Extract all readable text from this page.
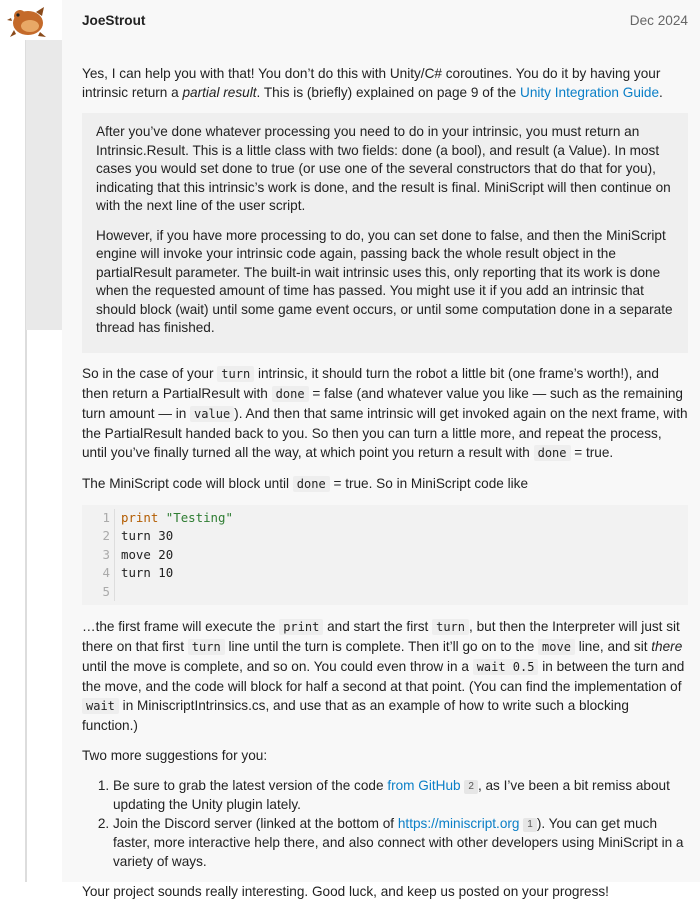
JoeStrout	Dec 2024

Yes, I can help you with that! You don’t do this with Unity/C# coroutines. You do it by having your intrinsic return a partial result. This is (briefly) explained on page 9 of the Unity Integration Guide.

After you’ve done whatever processing you need to do in your intrinsic, you must return an Intrinsic.Result. This is a little class with two fields: done (a bool), and result (a Value). In most cases you would set done to true (or use one of the several constructors that do that for you), indicating that this intrinsic’s work is done, and the result is final. MiniScript will then continue on with the next line of the user script.

However, if you have more processing to do, you can set done to false, and then the MiniScript engine will invoke your intrinsic code again, passing back the whole result object in the partialResult parameter. The built-in wait intrinsic uses this, only reporting that its work is done when the requested amount of time has passed. You might use it if you add an intrinsic that should block (wait) until some game event occurs, or until some computation done in a separate thread has finished.

So in the case of your turn intrinsic, it should turn the robot a little bit (one frame’s worth!), and then return a PartialResult with done = false (and whatever value you like — such as the remaining turn amount — in value ). And then that same intrinsic will get invoked again on the next frame, with the PartialResult handed back to you. So then you can turn a little more, and repeat the process, until you’ve finally turned all the way, at which point you return a result with done = true.

The MiniScript code will block until done = true. So in MiniScript code like

1 print "Testing"
2 turn 30
3 move 20
4 turn 10
5

…the first frame will execute the print and start the first turn , but then the Interpreter will just sit there on that first turn line until the turn is complete. Then it’ll go on to the move line, and sit there until the move is complete, and so on. You could even throw in a wait 0.5 in between the turn and the move, and the code will block for half a second at that point. (You can find the implementation of wait in MiniscriptIntrinsics.cs, and use that as an example of how to write such a blocking function.)

Two more suggestions for you:

1. Be sure to grab the latest version of the code from GitHub 2 , as I’ve been a bit remiss about updating the Unity plugin lately.
2. Join the Discord server (linked at the bottom of https://miniscript.org 1 ). You can get much faster, more interactive help there, and also connect with other developers using MiniScript in a variety of ways.

Your project sounds really interesting. Good luck, and keep us posted on your progress!
